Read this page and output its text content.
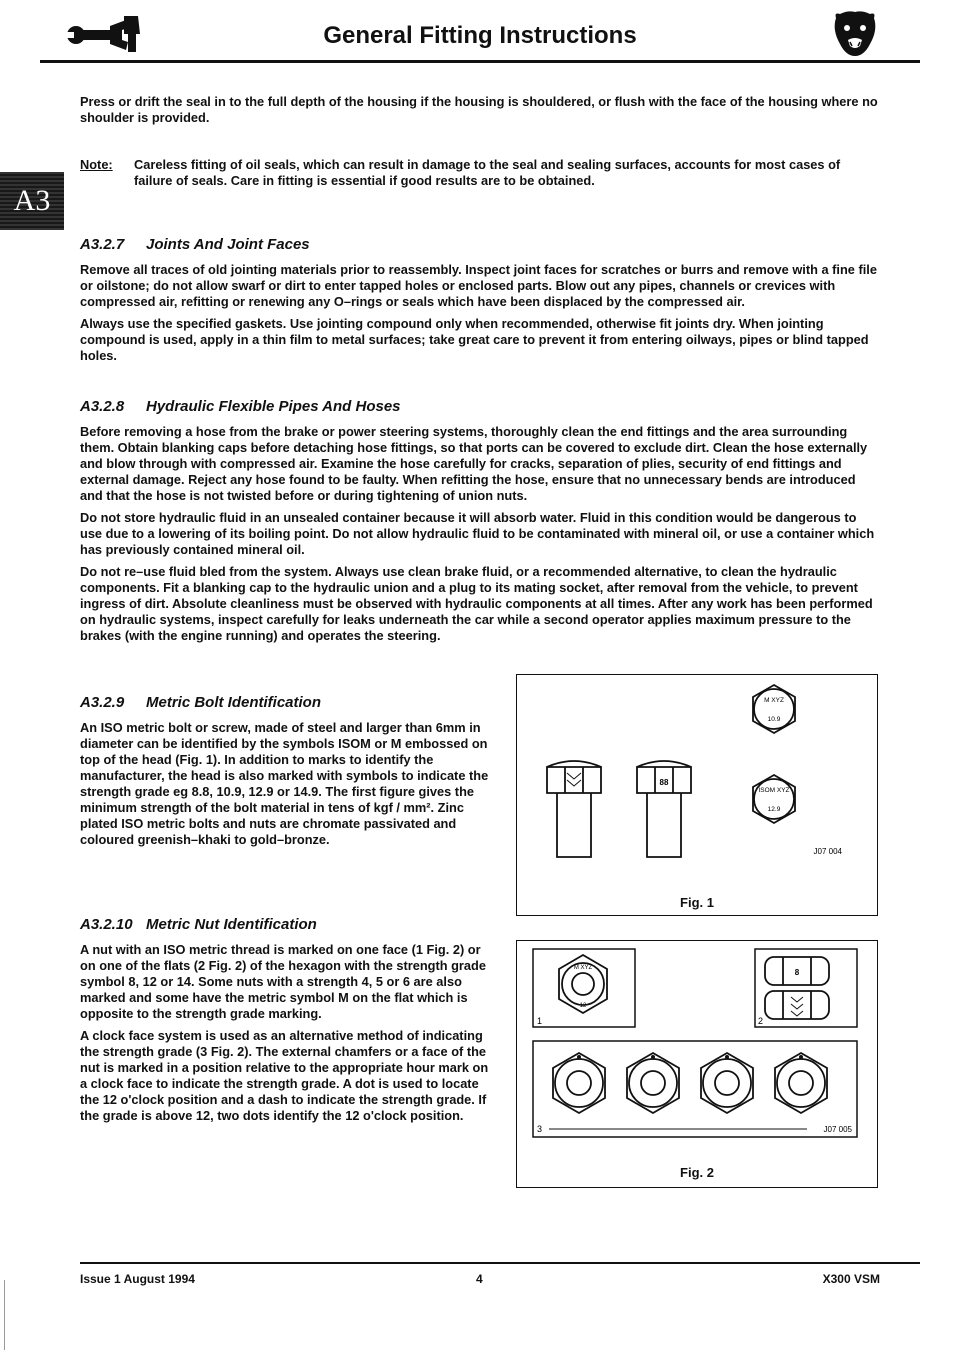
General Fitting Instructions
A3

Press or drift the seal in to the full depth of the housing if the housing is shouldered, or flush with the face of the housing where no shoulder is provided.

Note: Careless fitting of oil seals, which can result in damage to the seal and sealing surfaces, accounts for most cases of failure of seals. Care in fitting is essential if good results are to be obtained.
A3.2.7 Joints And Joint Faces

Remove all traces of old jointing materials prior to reassembly. Inspect joint faces for scratches or burrs and remove with a fine file or oilstone; do not allow swarf or dirt to enter tapped holes or enclosed parts. Blow out any pipes, channels or crevices with compressed air, refitting or renewing any O–rings or seals which have been displaced by the compressed air.

Always use the specified gaskets. Use jointing compound only when recommended, otherwise fit joints dry. When jointing compound is used, apply in a thin film to metal surfaces; take great care to prevent it from entering oilways, pipes or blind tapped holes.

A3.2.8 Hydraulic Flexible Pipes And Hoses

Before removing a hose from the brake or power steering systems, thoroughly clean the end fittings and the area surrounding them. Obtain blanking caps before detaching hose fittings, so that ports can be covered to exclude dirt. Clean the hose externally and blow through with compressed air. Examine the hose carefully for cracks, separation of plies, security of end fittings and external damage. Reject any hose found to be faulty. When refitting the hose, ensure that no unnecessary bends are introduced and that the hose is not twisted before or during tightening of union nuts.

Do not store hydraulic fluid in an unsealed container because it will absorb water. Fluid in this condition would be dangerous to use due to a lowering of its boiling point. Do not allow hydraulic fluid to be contaminated with mineral oil, or use a container which has previously contained mineral oil.

Do not re–use fluid bled from the system. Always use clean brake fluid, or a recommended alternative, to clean the hydraulic components. Fit a blanking cap to the hydraulic union and a plug to its mating socket, after removal from the vehicle, to prevent ingress of dirt. Absolute cleanliness must be observed with hydraulic components at all times. After any work has been performed on hydraulic systems, inspect carefully for leaks underneath the car while a second operator applies maximum pressure to the brakes (with the engine running) and operates the steering.

A3.2.9 Metric Bolt Identification

An ISO metric bolt or screw, made of steel and larger than 6mm in diameter can be identified by the symbols ISOM or M embossed on top of the head (Fig. 1). In addition to marks to identify the manufacturer, the head is also marked with symbols to indicate the strength grade eg 8.8, 10.9, 12.9 or 14.9. The first figure gives the minimum strength of the bolt material in tens of kgf / mm². Zinc plated ISO metric bolts and nuts are chromate passivated and coloured greenish–khaki to gold–bronze.

A3.2.10 Metric Nut Identification

A nut with an ISO metric thread is marked on one face (1 Fig. 2) or on one of the flats (2 Fig. 2) of the hexagon with the strength grade symbol 8, 12 or 14. Some nuts with a strength 4, 5 or 6 are also marked and some have the metric symbol M on the flat which is opposite to the strength grade marking.

A clock face system is used as an alternative method of indicating the strength grade (3 Fig. 2). The external chamfers or a face of the nut is marked in a position relative to the appropriate hour mark on a clock face to indicate the strength grade. A dot is used to locate the 12 o'clock position and a dash to indicate the strength grade. If the grade is above 12, two dots identify the 12 o'clock position.

88
M XYZ
10.9
ISOM XYZ
12.9
J07 004
Fig. 1
M XYZ
12
1
8
2
3	J07 005
Fig. 2
Issue 1 August 1994	4	X300 VSM
